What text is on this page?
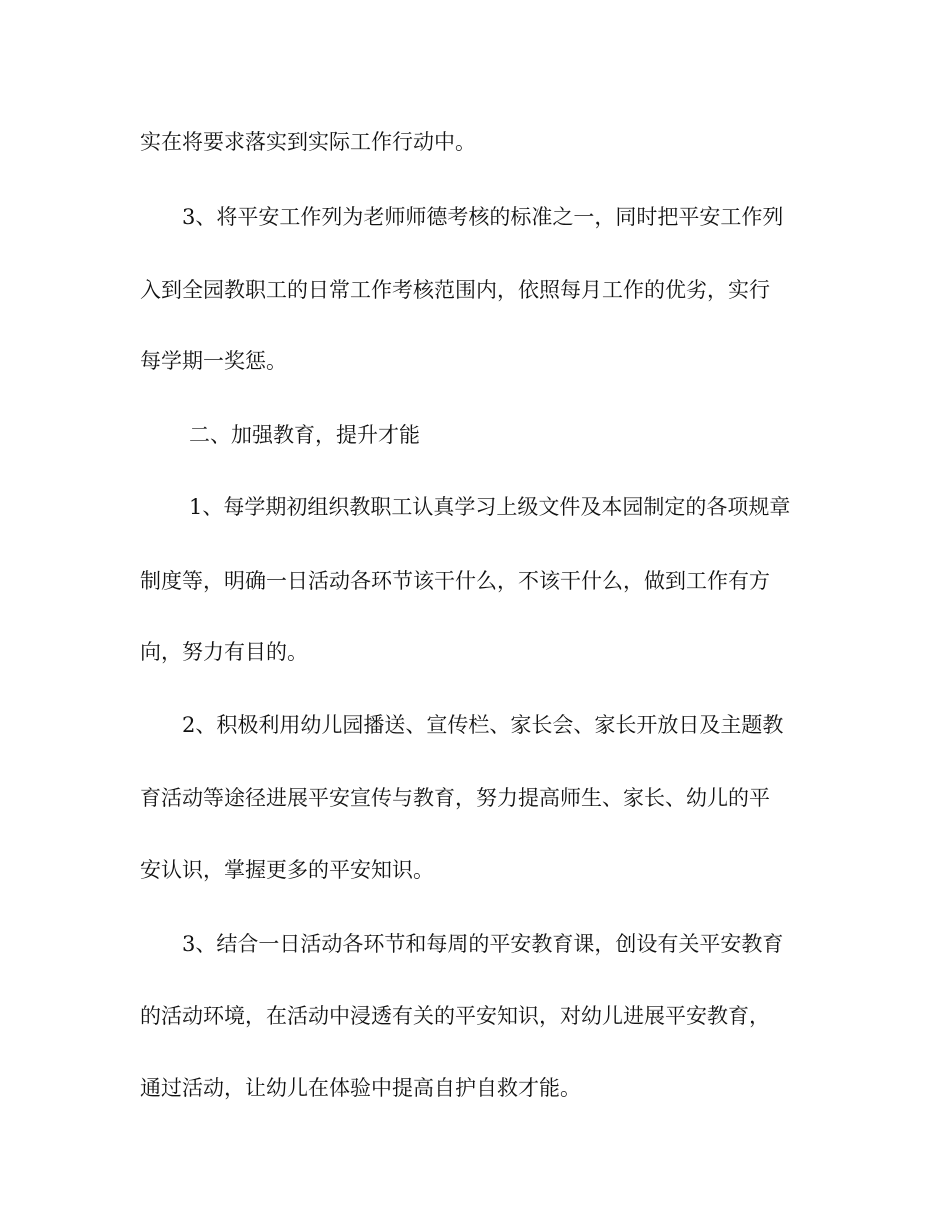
实在将要求落实到实际工作行动中。
3、将平安工作列为老师师德考核的标准之一，同时把平安工作列
入到全园教职工的日常工作考核范围内，依照每月工作的优劣，实行
每学期一奖惩。
二、加强教育，提升才能
1、每学期初组织教职工认真学习上级文件及本园制定的各项规章
制度等，明确一日活动各环节该干什么，不该干什么，做到工作有方
向，努力有目的。
2、积极利用幼儿园播送、宣传栏、家长会、家长开放日及主题教
育活动等途径进展平安宣传与教育，努力提高师生、家长、幼儿的平
安认识，掌握更多的平安知识。
3、结合一日活动各环节和每周的平安教育课，创设有关平安教育
的活动环境，在活动中浸透有关的平安知识，对幼儿进展平安教育，
通过活动，让幼儿在体验中提高自护自救才能。
